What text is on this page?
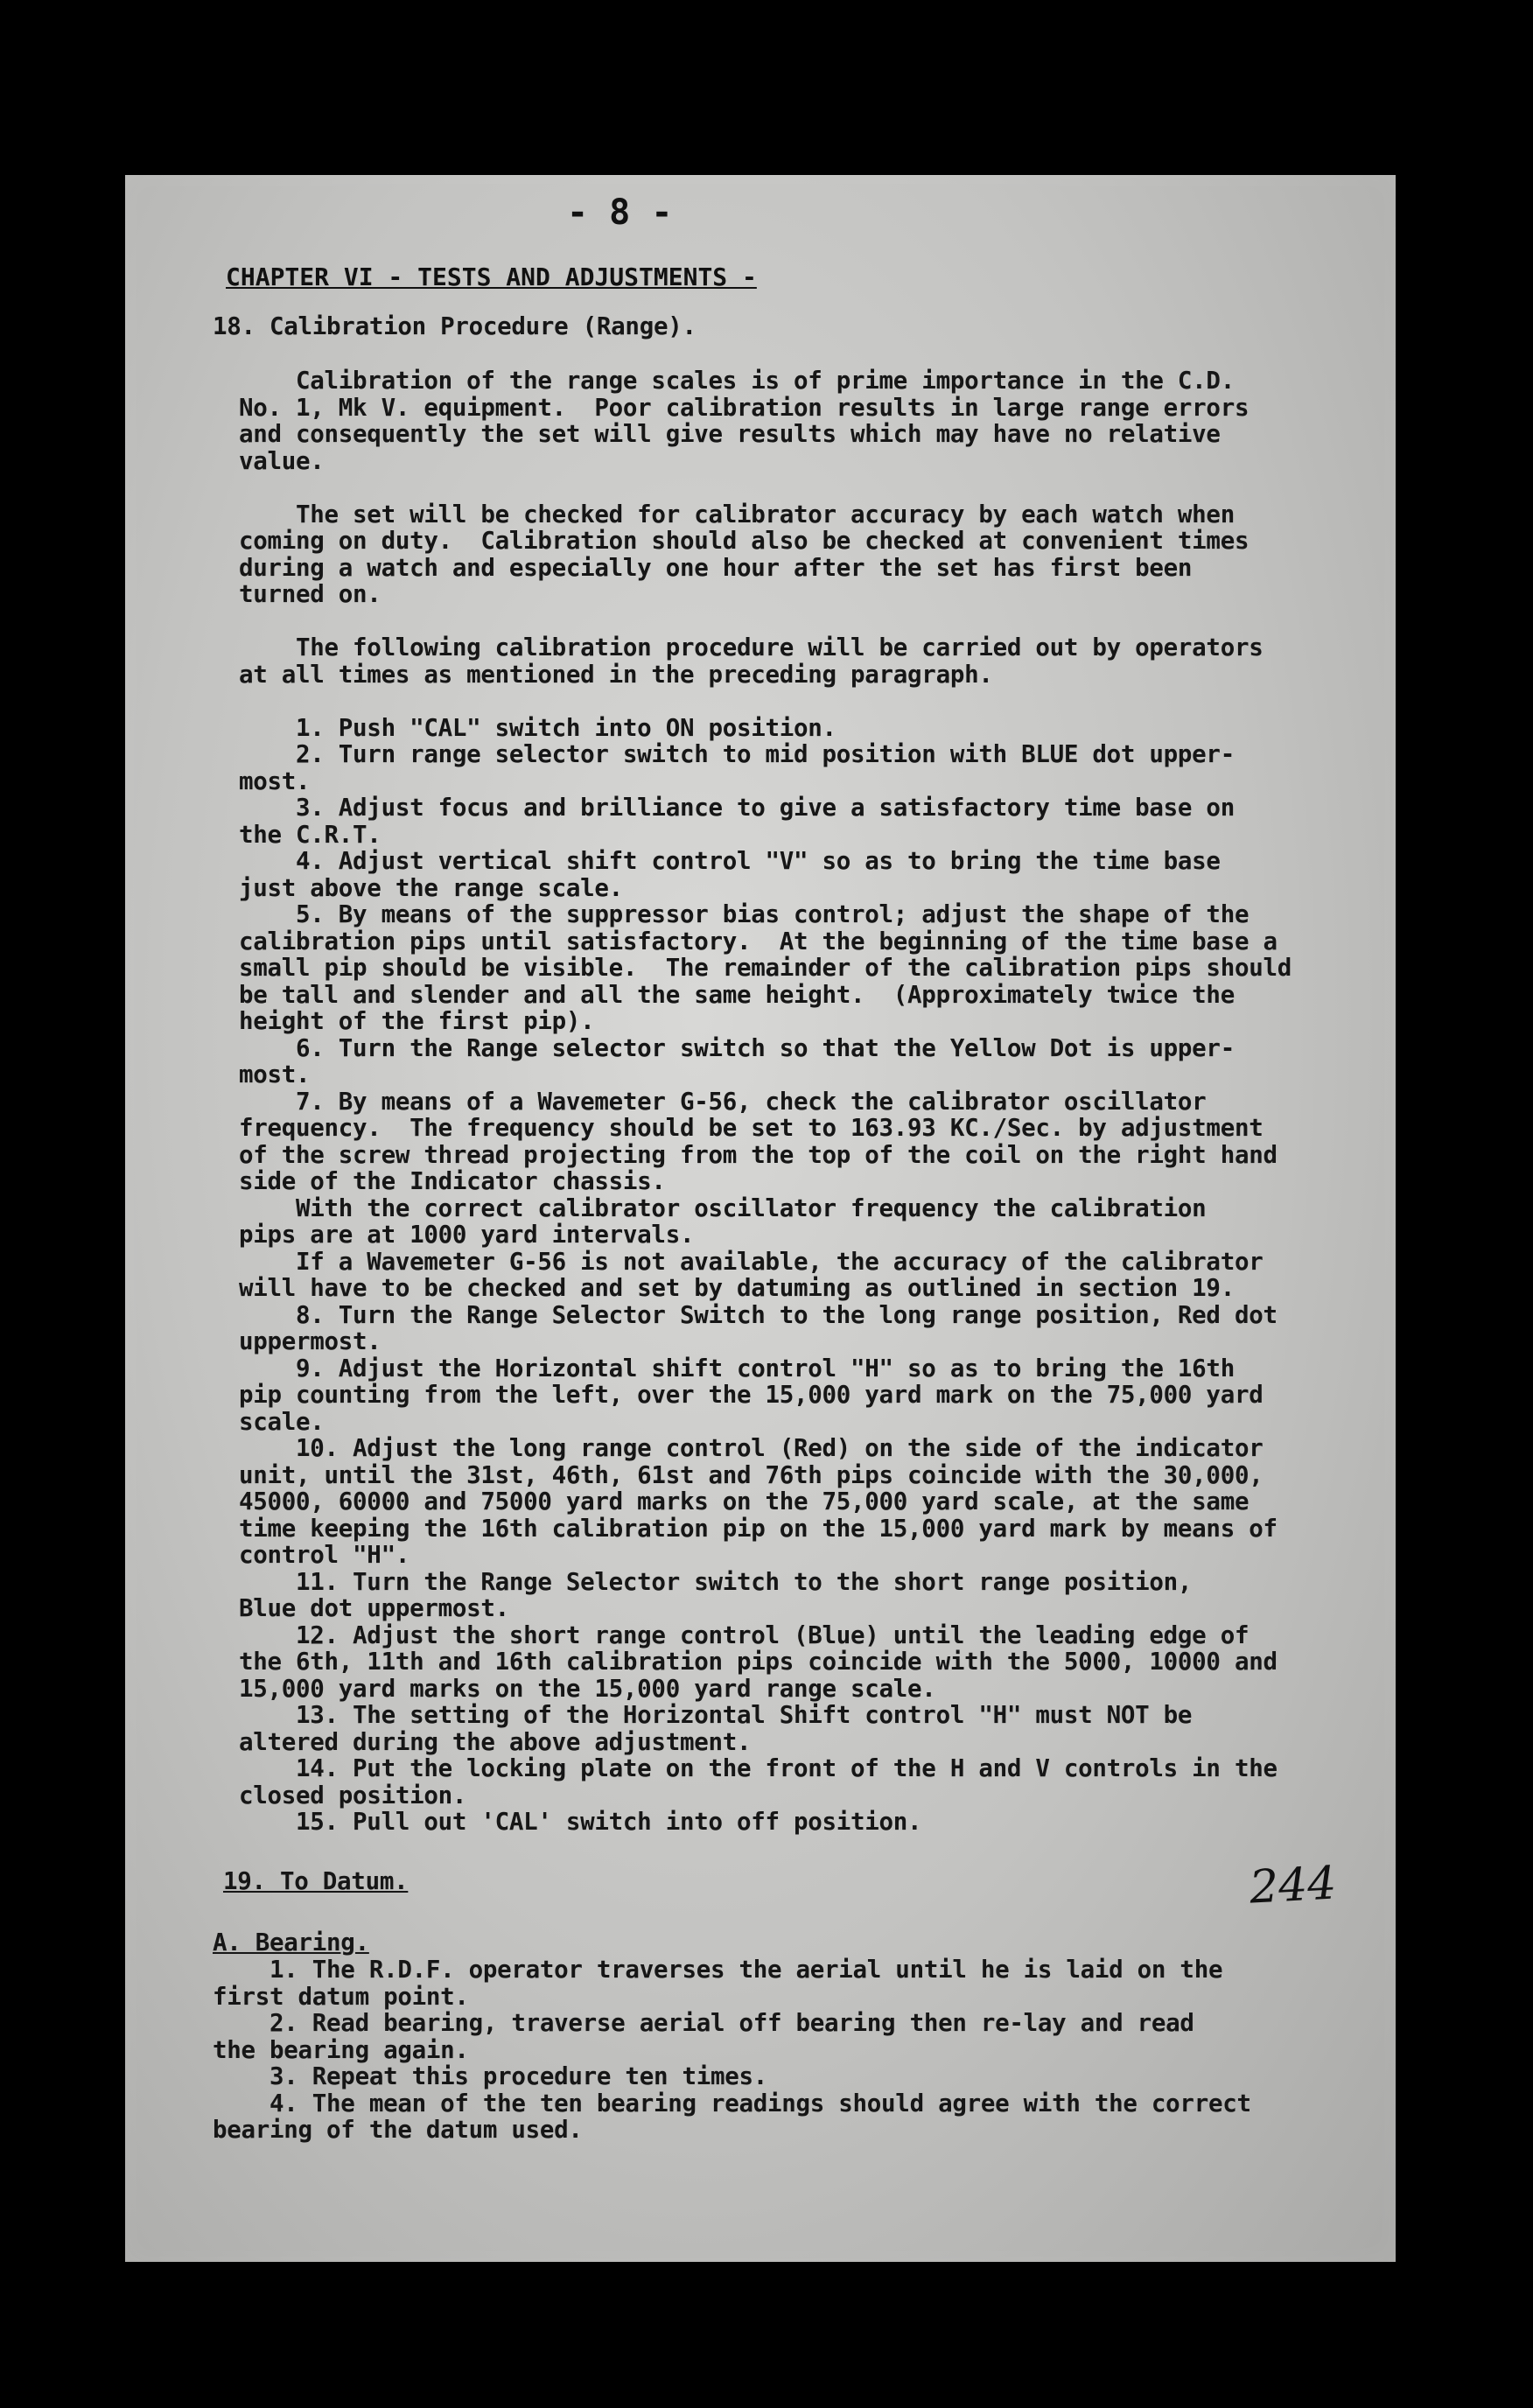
- 8 -
CHAPTER VI - TESTS AND ADJUSTMENTS -

18. Calibration Procedure (Range).

Calibration of the range scales is of prime importance in the C.D.
No. 1, Mk V. equipment.  Poor calibration results in large range errors
and consequently the set will give results which may have no relative
value.

The set will be checked for calibrator accuracy by each watch when
coming on duty.  Calibration should also be checked at convenient times
during a watch and especially one hour after the set has first been
turned on.

The following calibration procedure will be carried out by operators
at all times as mentioned in the preceding paragraph.

1. Push "CAL" switch into ON position.
2. Turn range selector switch to mid position with BLUE dot upper-
most.
3. Adjust focus and brilliance to give a satisfactory time base on
the C.R.T.
4. Adjust vertical shift control "V" so as to bring the time base
just above the range scale.
5. By means of the suppressor bias control; adjust the shape of the
calibration pips until satisfactory.  At the beginning of the time base a
small pip should be visible.  The remainder of the calibration pips should
be tall and slender and all the same height.  (Approximately twice the
height of the first pip).
6. Turn the Range selector switch so that the Yellow Dot is upper-
most.
7. By means of a Wavemeter G-56, check the calibrator oscillator
frequency.  The frequency should be set to 163.93 KC./Sec. by adjustment
of the screw thread projecting from the top of the coil on the right hand
side of the Indicator chassis.
With the correct calibrator oscillator frequency the calibration
pips are at 1000 yard intervals.
If a Wavemeter G-56 is not available, the accuracy of the calibrator
will have to be checked and set by datuming as outlined in section 19.
8. Turn the Range Selector Switch to the long range position, Red dot
uppermost.
9. Adjust the Horizontal shift control "H" so as to bring the 16th
pip counting from the left, over the 15,000 yard mark on the 75,000 yard
scale.
10. Adjust the long range control (Red) on the side of the indicator
unit, until the 31st, 46th, 61st and 76th pips coincide with the 30,000,
45000, 60000 and 75000 yard marks on the 75,000 yard scale, at the same
time keeping the 16th calibration pip on the 15,000 yard mark by means of
control "H".
11. Turn the Range Selector switch to the short range position,
Blue dot uppermost.
12. Adjust the short range control (Blue) until the leading edge of
the 6th, 11th and 16th calibration pips coincide with the 5000, 10000 and
15,000 yard marks on the 15,000 yard range scale.
13. The setting of the Horizontal Shift control "H" must NOT be
altered during the above adjustment.
14. Put the locking plate on the front of the H and V controls in the
closed position.
15. Pull out 'CAL' switch into off position.

19. To Datum.	244

A. Bearing.

1. The R.D.F. operator traverses the aerial until he is laid on the
first datum point.
2. Read bearing, traverse aerial off bearing then re-lay and read
the bearing again.
3. Repeat this procedure ten times.
4. The mean of the ten bearing readings should agree with the correct
bearing of the datum used.
